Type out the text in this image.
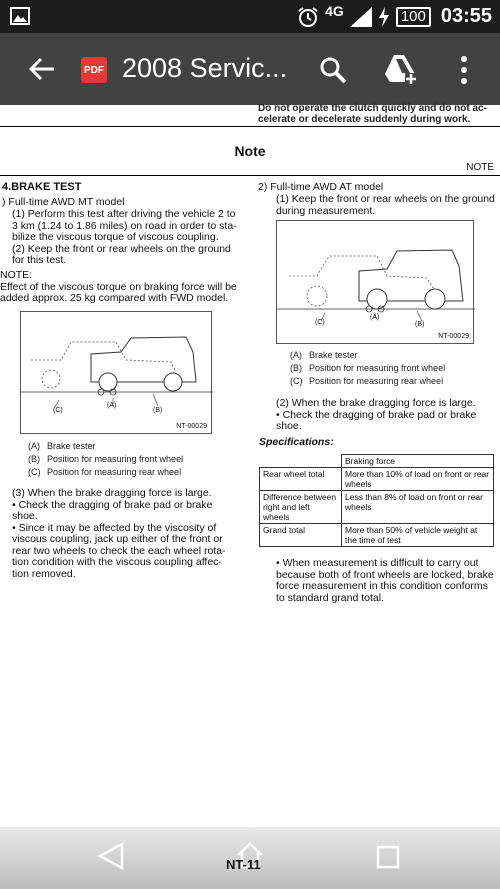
4G	100 03:55
PDF 2008 Servic...
Do not operate the clutch quickly and do not ac-
celerate or decelerate suddenly during work.
Note
NOTE
4.BRAKE TEST
) Full-time AWD MT model
(1) Perform this test after driving the vehicle 2 to
3 km (1.24 to 1.86 miles) on road in order to sta-
bilize the viscous torque of viscous coupling.
(2) Keep the front or rear wheels on the ground
for this test.
NOTE:
Effect of the viscous torque on braking force will be
added approx. 25 kg compared with FWD model.
(C)
(A)
(B)
NT-00029
(A) Brake tester
(B) Position for measuring front wheel
(C) Position for measuring rear wheel
(3) When the brake dragging force is large.
• Check the dragging of brake pad or brake
shoe.
• Since it may be affected by the viscosity of
viscous coupling, jack up either of the front or
rear two wheels to check the each wheel rota-
tion condition with the viscous coupling affec-
tion removed.
2) Full-time AWD AT model
(1) Keep the front or rear wheels on the ground
during measurement.
(C)
(A)
(B)
NT-00029
(A) Brake tester
(B) Position for measuring front wheel
(C) Position for measuring rear wheel
(2) When the brake dragging force is large.
• Check the dragging of brake pad or brake
shoe.
Specifications:
	Braking force
Rear wheel total	More than 10% of load on front or rear wheels
Difference between right and left wheels	Less than 8% of load on front or rear wheels
Grand total	More than 50% of vehicle weight at the time of test
• When measurement is difficult to carry out
because both of front wheels are locked, brake
force measurement in this condition conforms
to standard grand total.
NT-11
